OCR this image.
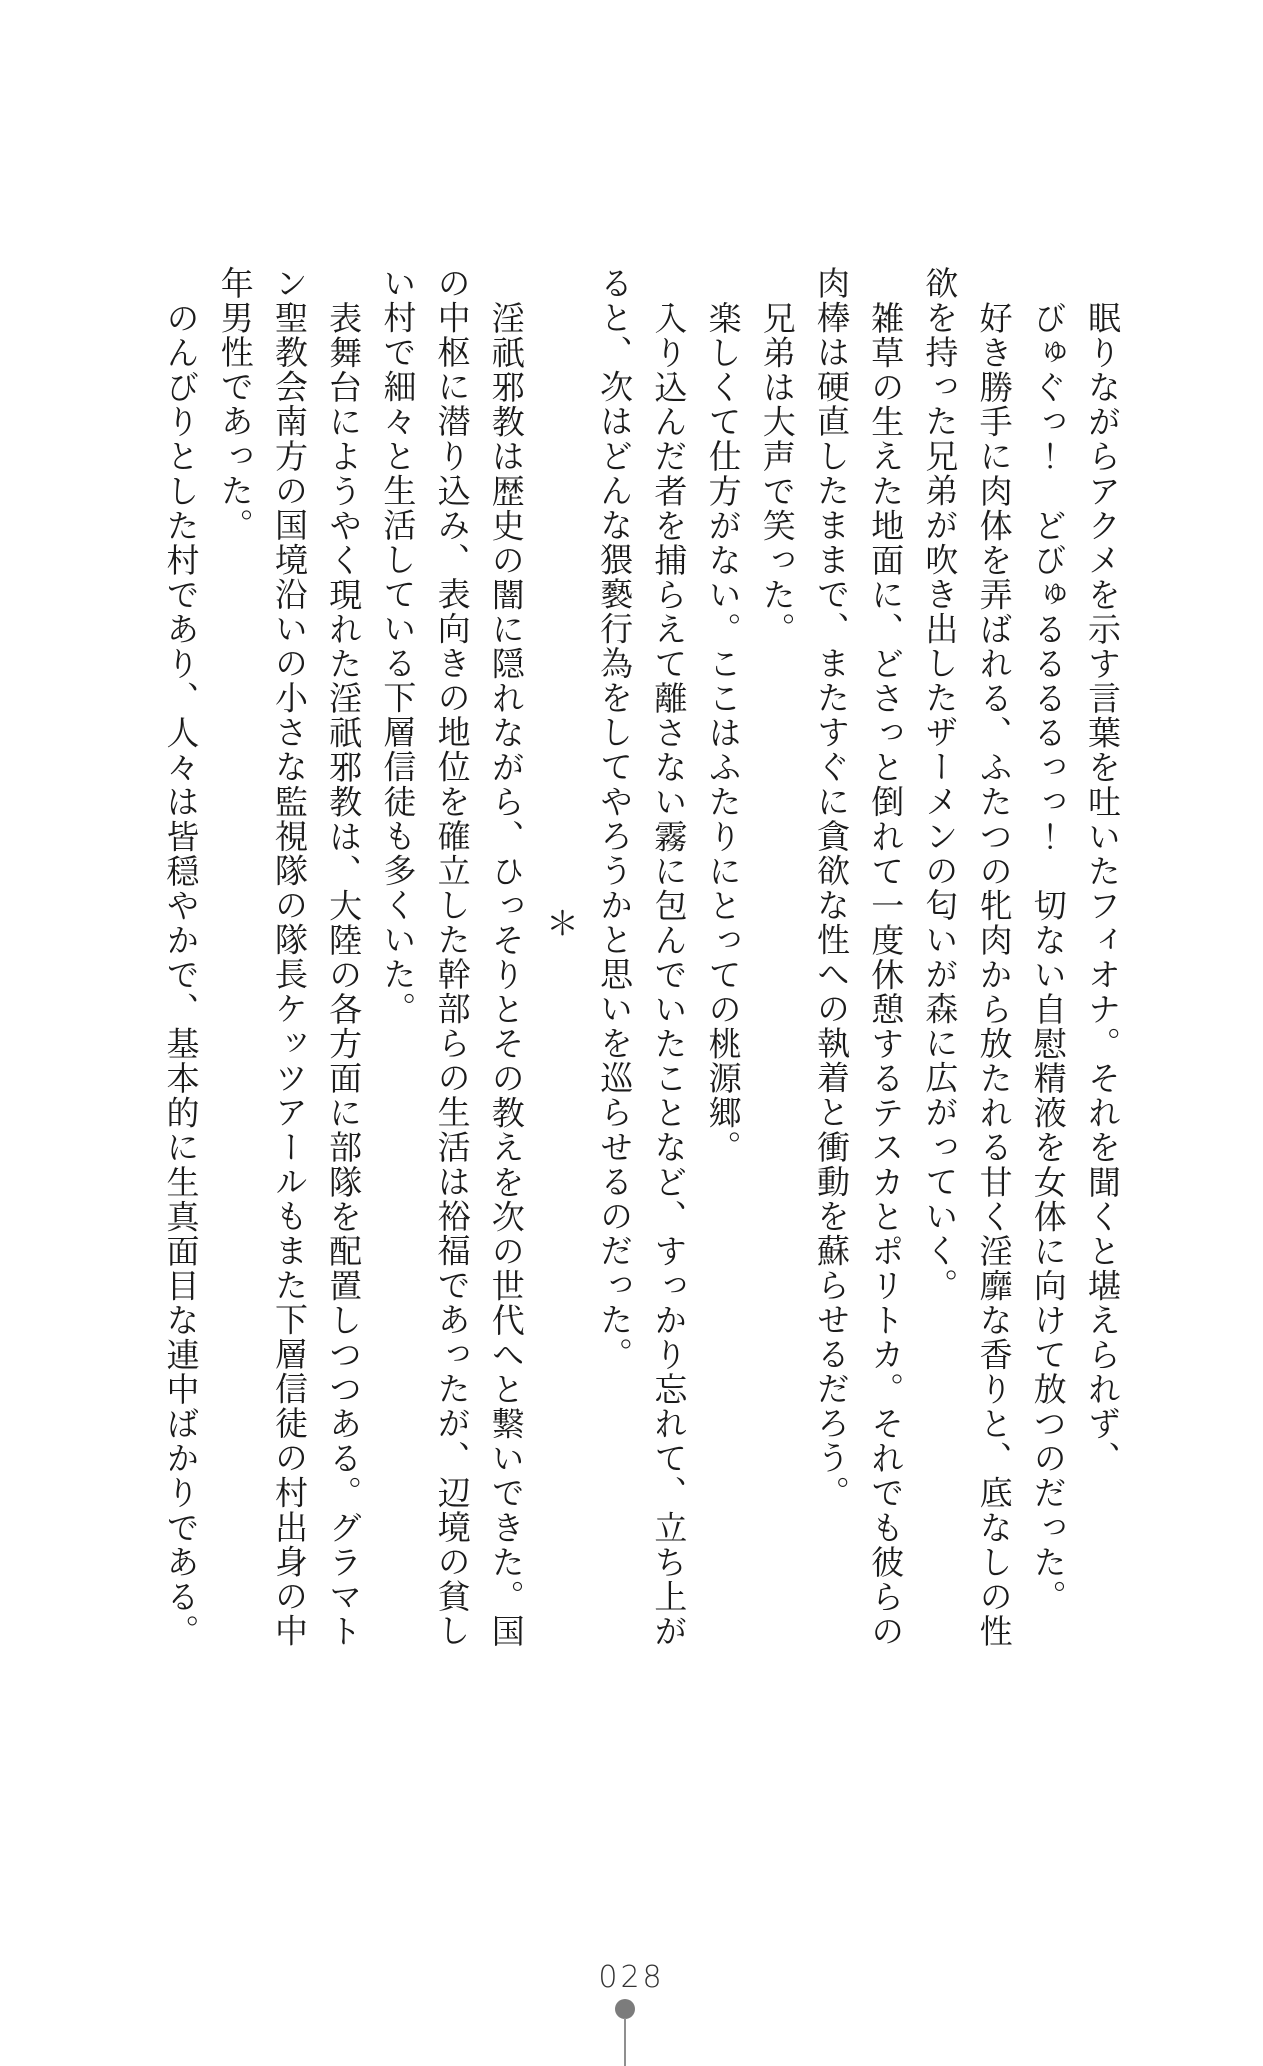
眠りながらアクメを示す言葉を吐いたフィオナ。それを聞くと堪えられず、

びゅぐっ！　どびゅるるるるっっ！　切ない自慰精液を女体に向けて放つのだった。

好き勝手に肉体を弄ばれる、ふたつの牝肉から放たれる甘く淫靡な香りと、底なしの性

欲を持った兄弟が吹き出したザーメンの匂いが森に広がっていく。

雑草の生えた地面に、どさっと倒れて一度休憩するテスカとポリトカ。それでも彼らの

肉棒は硬直したままで、またすぐに貪欲な性への執着と衝動を蘇らせるだろう。

兄弟は大声で笑った。

楽しくて仕方がない。ここはふたりにとっての桃源郷。

入り込んだ者を捕らえて離さない霧に包んでいたことなど、すっかり忘れて、立ち上が

ると、次はどんな猥褻行為をしてやろうかと思いを巡らせるのだった。

＊

淫祇邪教は歴史の闇に隠れながら、ひっそりとその教えを次の世代へと繋いできた。国

の中枢に潜り込み、表向きの地位を確立した幹部らの生活は裕福であったが、辺境の貧し

い村で細々と生活している下層信徒も多くいた。

表舞台にようやく現れた淫祇邪教は、大陸の各方面に部隊を配置しつつある。グラマト

ン聖教会南方の国境沿いの小さな監視隊の隊長ケッツアールもまた下層信徒の村出身の中

年男性であった。

のんびりとした村であり、人々は皆穏やかで、基本的に生真面目な連中ばかりである。

028
